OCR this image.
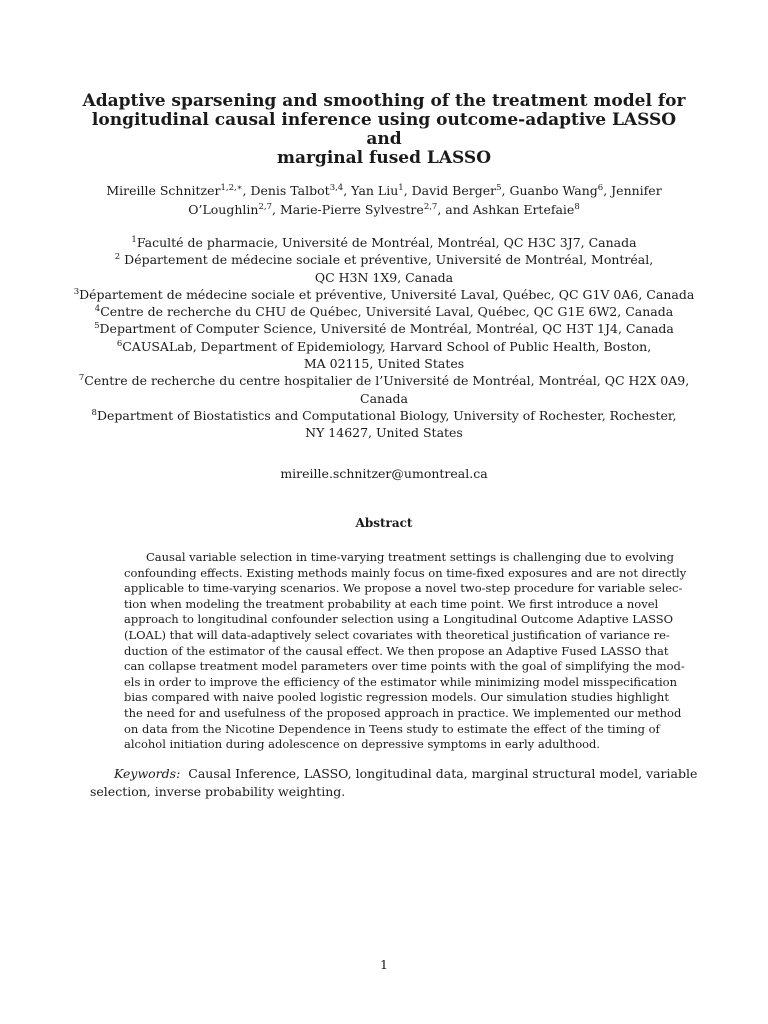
Adaptive sparsening and smoothing of the treatment model for
longitudinal causal inference using outcome-adaptive LASSO and
marginal fused LASSO
Mireille Schnitzer$^{1,2,∗}$, Denis Talbot$^{3,4}$, Yan Liu$^1$, David Berger$^5$, Guanbo Wang$^6$, Jennifer
O’Loughlin$^{2,7}$, Marie-Pierre Sylvestre$^{2,7}$, and Ashkan Ertefaie$^8$
$^1$Faculté de pharmacie, Université de Montréal, Montréal, QC H3C 3J7, Canada
$^2$ Département de médecine sociale et préventive, Université de Montréal, Montréal,
QC H3N 1X9, Canada
$^3$Département de médecine sociale et préventive, Université Laval, Québec, QC G1V 0A6, Canada
$^4$Centre de recherche du CHU de Québec, Université Laval, Québec, QC G1E 6W2, Canada
$^5$Department of Computer Science, Université de Montréal, Montréal, QC H3T 1J4, Canada
$^6$CAUSALab, Department of Epidemiology, Harvard School of Public Health, Boston,
MA 02115, United States
$^7$Centre de recherche du centre hospitalier de l’Université de Montréal, Montréal, QC H2X 0A9,
Canada
$^8$Department of Biostatistics and Computational Biology, University of Rochester, Rochester,
NY 14627, United States
mireille.schnitzer@umontreal.ca
Abstract
Causal variable selection in time-varying treatment settings is challenging due to evolving
confounding effects. Existing methods mainly focus on time-fixed exposures and are not directly
applicable to time-varying scenarios. We propose a novel two-step procedure for variable selec-
tion when modeling the treatment probability at each time point. We first introduce a novel
approach to longitudinal confounder selection using a Longitudinal Outcome Adaptive LASSO
(LOAL) that will data-adaptively select covariates with theoretical justification of variance re-
duction of the estimator of the causal effect. We then propose an Adaptive Fused LASSO that
can collapse treatment model parameters over time points with the goal of simplifying the mod-
els in order to improve the efficiency of the estimator while minimizing model misspecification
bias compared with naive pooled logistic regression models. Our simulation studies highlight
the need for and usefulness of the proposed approach in practice. We implemented our method
on data from the Nicotine Dependence in Teens study to estimate the effect of the timing of
alcohol initiation during adolescence on depressive symptoms in early adulthood.
Keywords: Causal Inference, LASSO, longitudinal data, marginal structural model, variable
selection, inverse probability weighting.
1
